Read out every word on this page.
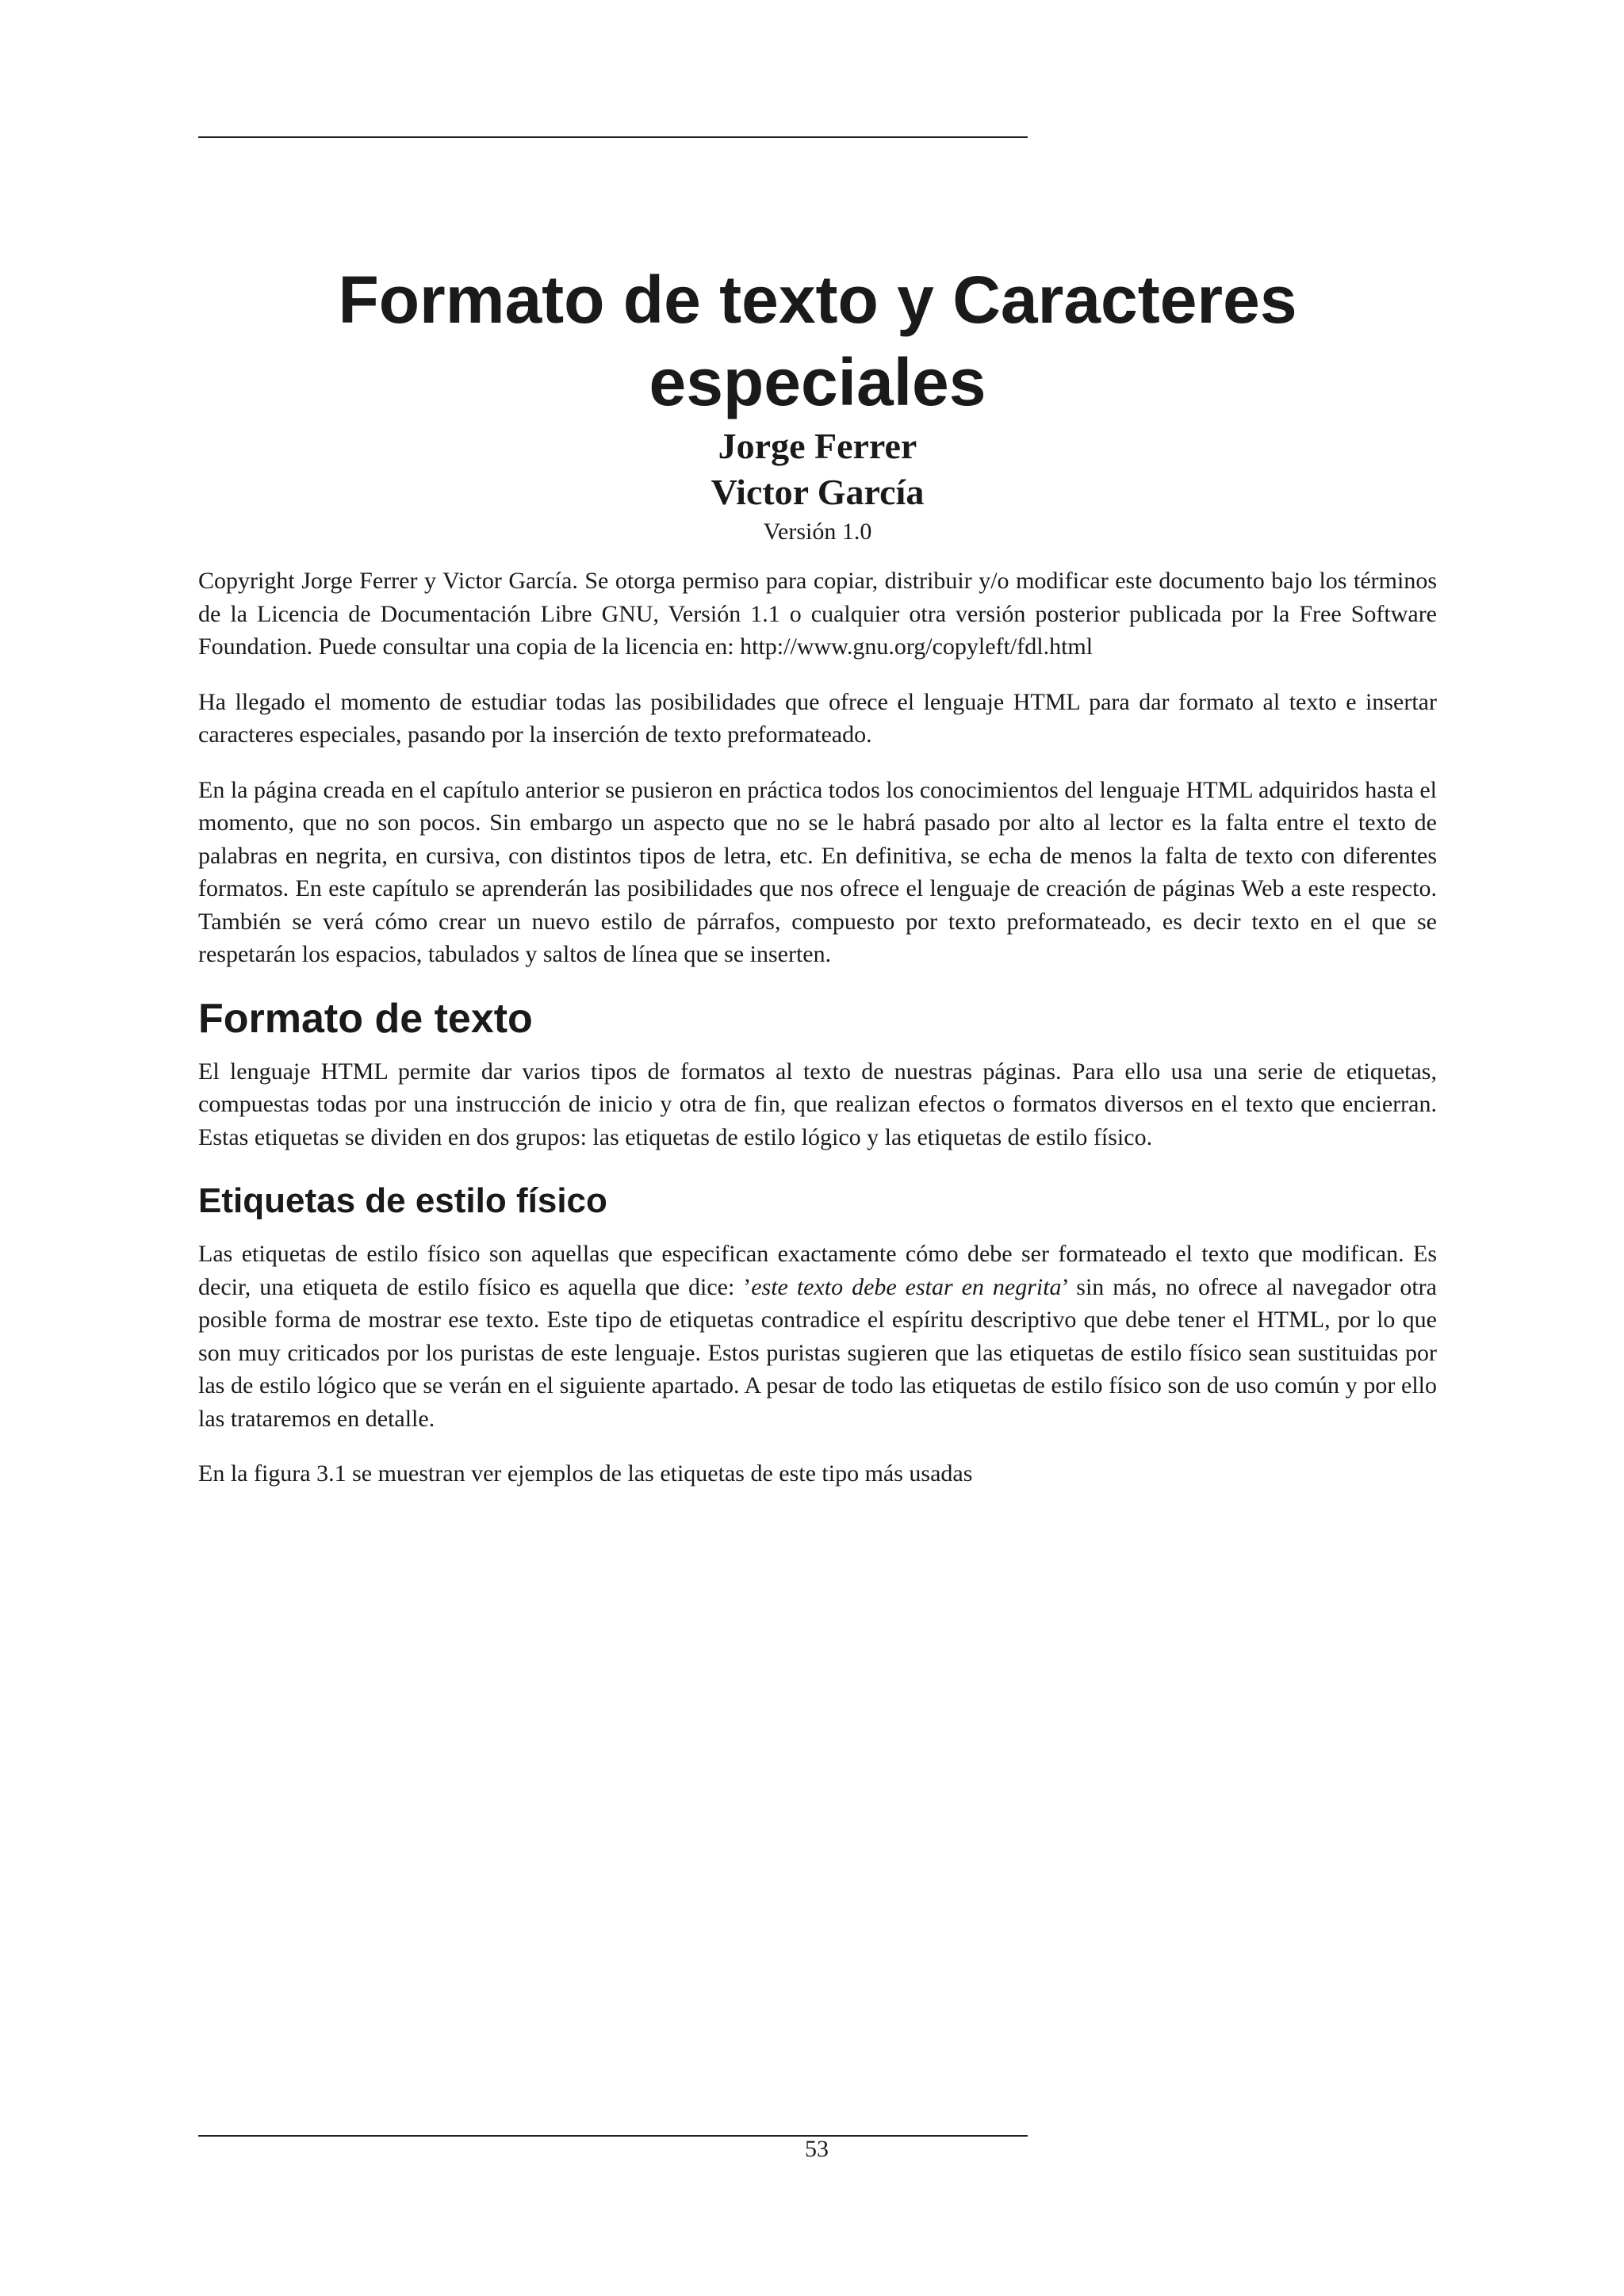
Formato de texto y Caracteres especiales
Jorge Ferrer
Victor García
Versión 1.0

Copyright Jorge Ferrer y Victor García. Se otorga permiso para copiar, distribuir y/o modificar este documento bajo los términos de la Licencia de Documentación Libre GNU, Versión 1.1 o cualquier otra versión posterior publicada por la Free Software Foundation. Puede consultar una copia de la licencia en: http://www.gnu.org/copyleft/fdl.html

Ha llegado el momento de estudiar todas las posibilidades que ofrece el lenguaje HTML para dar formato al texto e insertar caracteres especiales, pasando por la inserción de texto preformateado.

En la página creada en el capítulo anterior se pusieron en práctica todos los conocimientos del lenguaje HTML adquiridos hasta el momento, que no son pocos. Sin embargo un aspecto que no se le habrá pasado por alto al lector es la falta entre el texto de palabras en negrita, en cursiva, con distintos tipos de letra, etc. En definitiva, se echa de menos la falta de texto con diferentes formatos. En este capítulo se aprenderán las posibilidades que nos ofrece el lenguaje de creación de páginas Web a este respecto. También se verá cómo crear un nuevo estilo de párrafos, compuesto por texto preformateado, es decir texto en el que se respetarán los espacios, tabulados y saltos de línea que se inserten.

Formato de texto

El lenguaje HTML permite dar varios tipos de formatos al texto de nuestras páginas. Para ello usa una serie de etiquetas, compuestas todas por una instrucción de inicio y otra de fin, que realizan efectos o formatos diversos en el texto que encierran. Estas etiquetas se dividen en dos grupos: las etiquetas de estilo lógico y las etiquetas de estilo físico.

Etiquetas de estilo físico

Las etiquetas de estilo físico son aquellas que especifican exactamente cómo debe ser formateado el texto que modifican. Es decir, una etiqueta de estilo físico es aquella que dice: ’este texto debe estar en negrita’ sin más, no ofrece al navegador otra posible forma de mostrar ese texto. Este tipo de etiquetas contradice el espíritu descriptivo que debe tener el HTML, por lo que son muy criticados por los puristas de este lenguaje. Estos puristas sugieren que las etiquetas de estilo físico sean sustituidas por las de estilo lógico que se verán en el siguiente apartado. A pesar de todo las etiquetas de estilo físico son de uso común y por ello las trataremos en detalle.

En la figura 3.1 se muestran ver ejemplos de las etiquetas de este tipo más usadas

53
